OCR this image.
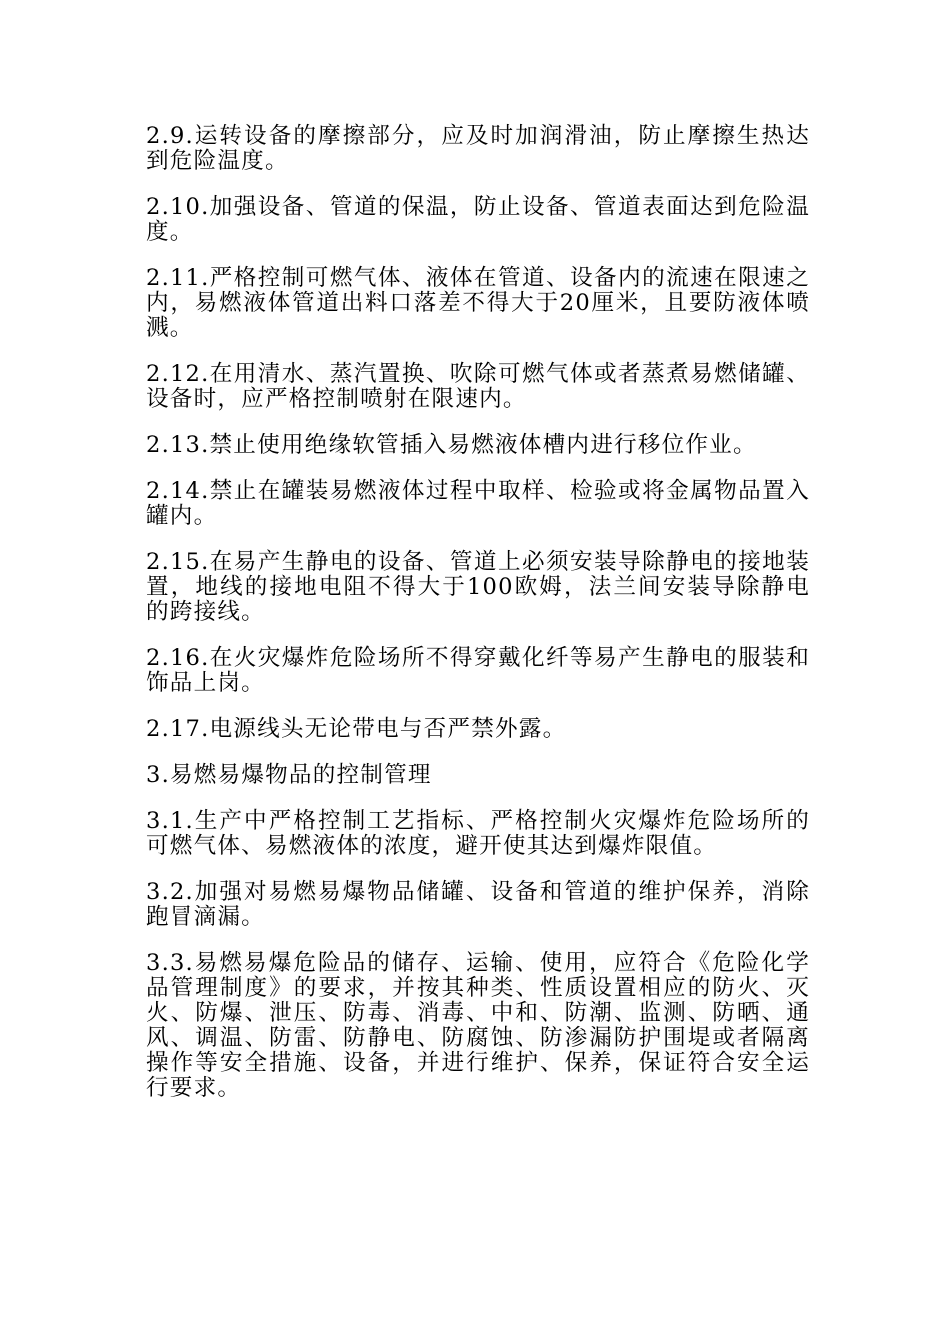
2.9.运转设备的摩擦部分，应及时加润滑油，防止摩擦生热达到危险温度。

2.10.加强设备、管道的保温，防止设备、管道表面达到危险温度。

2.11.严格控制可燃气体、液体在管道、设备内的流速在限速之内，易燃液体管道出料口落差不得大于20厘米，且要防液体喷溅。

2.12.在用清水、蒸汽置换、吹除可燃气体或者蒸煮易燃储罐、设备时，应严格控制喷射在限速内。

2.13.禁止使用绝缘软管插入易燃液体槽内进行移位作业。

2.14.禁止在罐装易燃液体过程中取样、检验或将金属物品置入罐内。

2.15.在易产生静电的设备、管道上必须安装导除静电的接地装置，地线的接地电阻不得大于100欧姆，法兰间安装导除静电的跨接线。

2.16.在火灾爆炸危险场所不得穿戴化纤等易产生静电的服装和饰品上岗。

2.17.电源线头无论带电与否严禁外露。

3.易燃易爆物品的控制管理

3.1.生产中严格控制工艺指标、严格控制火灾爆炸危险场所的可燃气体、易燃液体的浓度，避开使其达到爆炸限值。

3.2.加强对易燃易爆物品储罐、设备和管道的维护保养，消除跑冒滴漏。

3.3.易燃易爆危险品的储存、运输、使用，应符合《危险化学品管理制度》的要求，并按其种类、性质设置相应的防火、灭火、防爆、泄压、防毒、消毒、中和、防潮、监测、防晒、通风、调温、防雷、防静电、防腐蚀、防渗漏防护围堤或者隔离操作等安全措施、设备，并进行维护、保养，保证符合安全运行要求。
